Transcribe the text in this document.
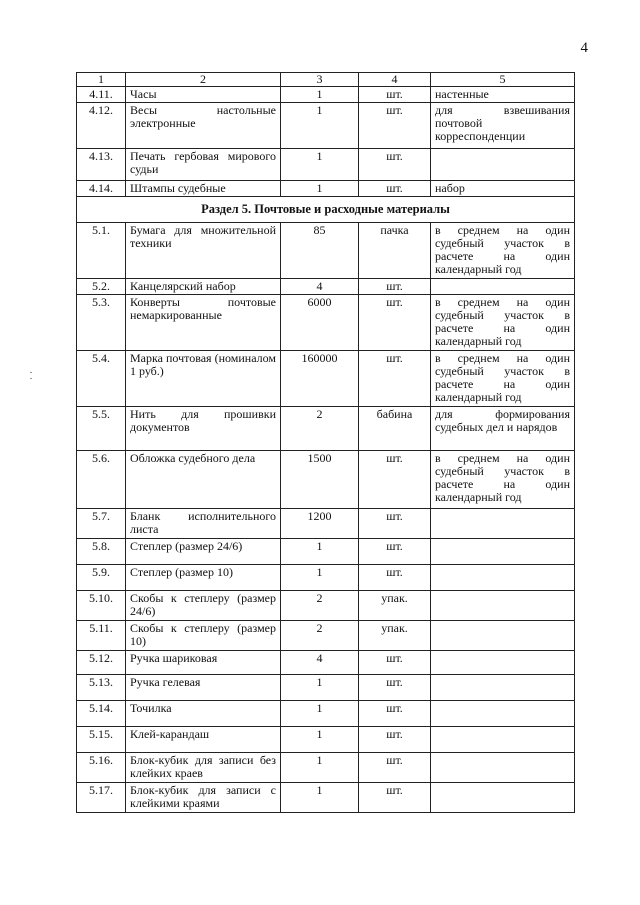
4
1	2	3	4	5
4.11.	Часы	1	шт.	настенные
4.12.	Весы настольные электронные	1	шт.	для взвешивания почтовой корреспонденции
4.13.	Печать гербовая мирового судьи	1	шт.	
4.14.	Штампы судебные	1	шт.	набор
Раздел 5. Почтовые и расходные материалы				
5.1.	Бумага для множительной техники	85	пачка	в среднем на один судебный участок в расчете на один календарный год
5.2.	Канцелярский набор	4	шт.	
5.3.	Конверты почтовые немаркированные	6000	шт.	в среднем на один судебный участок в расчете на один календарный год
5.4.	Марка почтовая (номиналом 1 руб.)	160000	шт.	в среднем на один судебный участок в расчете на один календарный год
5.5.	Нить для прошивки документов	2	бабина	для формирования судебных дел и нарядов
5.6.	Обложка судебного дела	1500	шт.	в среднем на один судебный участок в расчете на один календарный год
5.7.	Бланк исполнительного листа	1200	шт.	
5.8.	Степлер (размер 24/6)	1	шт.	
5.9.	Степлер (размер 10)	1	шт.	
5.10.	Скобы к степлеру (размер 24/6)	2	упак.	
5.11.	Скобы к степлеру (размер 10)	2	упак.	
5.12.	Ручка шариковая	4	шт.	
5.13.	Ручка гелевая	1	шт.	
5.14.	Точилка	1	шт.	
5.15.	Клей-карандаш	1	шт.	
5.16.	Блок-кубик для записи без клейких краев	1	шт.	
5.17.	Блок-кубик для записи с клейкими краями	1	шт.	
